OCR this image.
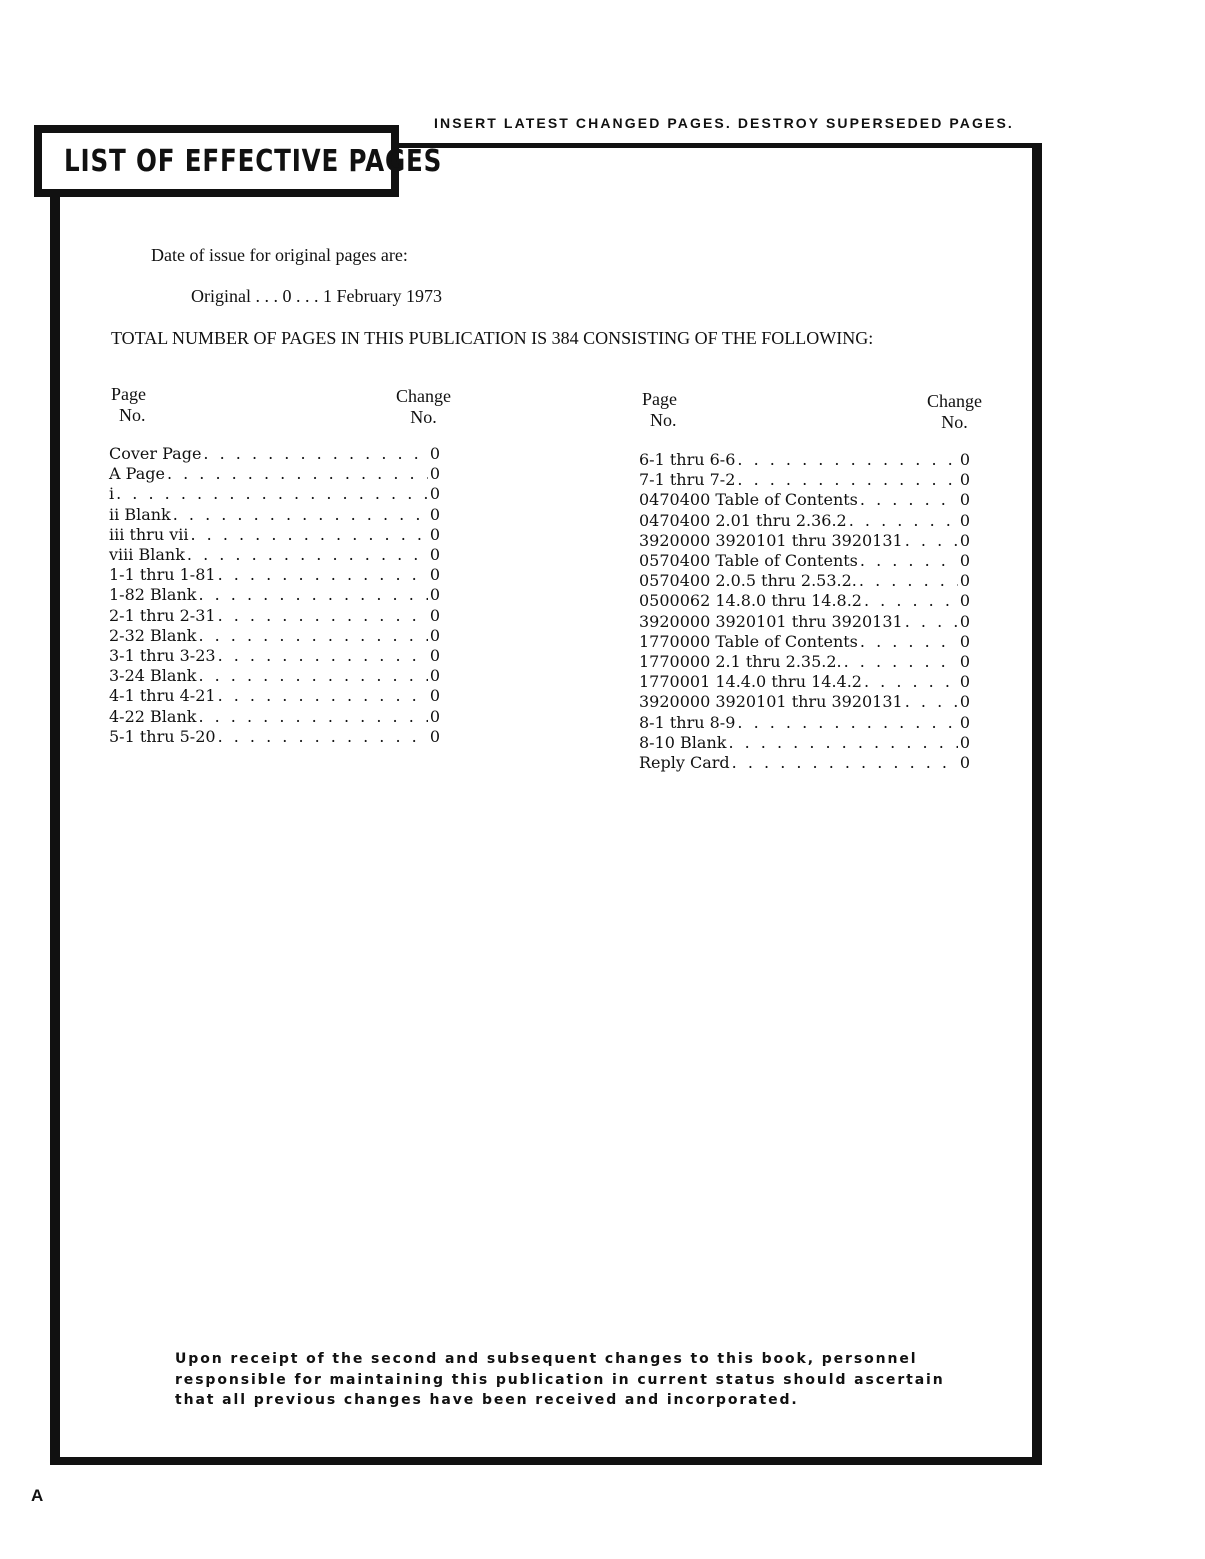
INSERT LATEST CHANGED PAGES. DESTROY SUPERSEDED PAGES.
LIST OF EFFECTIVE PAGES
Date of issue for original pages are:
Original . . . 0 . . . 1 February 1973
TOTAL NUMBER OF PAGES IN THIS PUBLICATION IS 384 CONSISTING OF THE FOLLOWING:
Page
No.
Change
No.
Page
No.
Change
No.
Cover Page . . .	0
A Page . . .	0
i . . .	0
ii Blank . . .	0
iii thru vii . . .	0
viii Blank . . .	0
1-1 thru 1-81 . . .	0
1-82 Blank . . .	0
2-1 thru 2-31 . . .	0
2-32 Blank . . .	0
3-1 thru 3-23 . . .	0
3-24 Blank . . .	0
4-1 thru 4-21 . . .	0
4-22 Blank . . .	0
5-1 thru 5-20 . . .	0
6-1 thru 6-6 . . .	0
7-1 thru 7-2 . . .	0
0470400 Table of Contents . . .	0
0470400 2.01 thru 2.36.2 . . .	0
3920000 3920101 thru 3920131 . . .	0
0570400 Table of Contents . . .	0
0570400 2.0.5 thru 2.53.2. . . .	0
0500062 14.8.0 thru 14.8.2 . . .	0
3920000 3920101 thru 3920131 . . .	0
1770000 Table of Contents . . .	0
1770000 2.1 thru 2.35.2. . . .	0
1770001 14.4.0 thru 14.4.2 . . .	0
3920000 3920101 thru 3920131 . . .	0
8-1 thru 8-9 . . .	0
8-10 Blank . . .	0
Reply Card . . .	0
Upon receipt of the second and subsequent changes to this book, personnel
responsible for maintaining this publication in current status should ascertain
that all previous changes have been received and incorporated.
A
